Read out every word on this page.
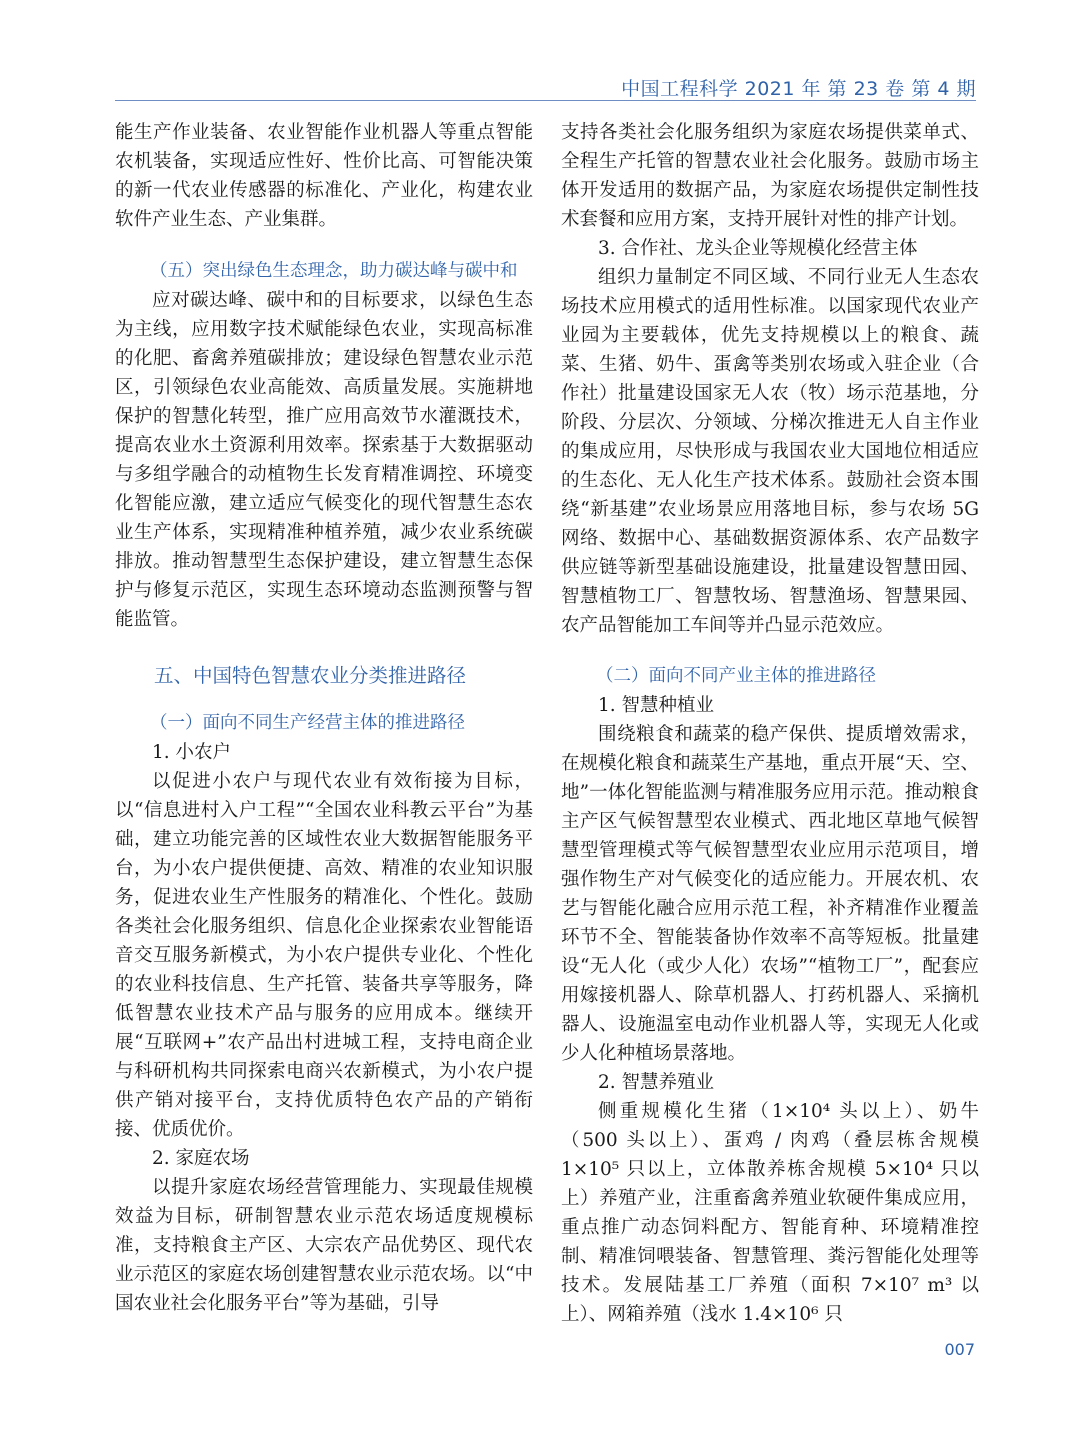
中国工程科学 2021 年 第 23 卷 第 4 期

能生产作业装备、农业智能作业机器人等重点智能农机装备，实现适应性好、性价比高、可智能决策的新一代农业传感器的标准化、产业化，构建农业软件产业生态、产业集群。

（五）突出绿色生态理念，助力碳达峰与碳中和

应对碳达峰、碳中和的目标要求，以绿色生态为主线，应用数字技术赋能绿色农业，实现高标准的化肥、畜禽养殖碳排放；建设绿色智慧农业示范区，引领绿色农业高能效、高质量发展。实施耕地保护的智慧化转型，推广应用高效节水灌溉技术，提高农业水土资源利用效率。探索基于大数据驱动与多组学融合的动植物生长发育精准调控、环境变化智能应激，建立适应气候变化的现代智慧生态农业生产体系，实现精准种植养殖，减少农业系统碳排放。推动智慧型生态保护建设，建立智慧生态保护与修复示范区，实现生态环境动态监测预警与智能监管。

五、中国特色智慧农业分类推进路径

（一）面向不同生产经营主体的推进路径

1. 小农户

以促进小农户与现代农业有效衔接为目标，以“信息进村入户工程”“全国农业科教云平台”为基础，建立功能完善的区域性农业大数据智能服务平台，为小农户提供便捷、高效、精准的农业知识服务，促进农业生产性服务的精准化、个性化。鼓励各类社会化服务组织、信息化企业探索农业智能语音交互服务新模式，为小农户提供专业化、个性化的农业科技信息、生产托管、装备共享等服务，降低智慧农业技术产品与服务的应用成本。继续开展“互联网+”农产品出村进城工程，支持电商企业与科研机构共同探索电商兴农新模式，为小农户提供产销对接平台，支持优质特色农产品的产销衔接、优质优价。

2. 家庭农场

以提升家庭农场经营管理能力、实现最佳规模效益为目标，研制智慧农业示范农场适度规模标准，支持粮食主产区、大宗农产品优势区、现代农业示范区的家庭农场创建智慧农业示范农场。以“中国农业社会化服务平台”等为基础，引导

支持各类社会化服务组织为家庭农场提供菜单式、全程生产托管的智慧农业社会化服务。鼓励市场主体开发适用的数据产品，为家庭农场提供定制性技术套餐和应用方案，支持开展针对性的排产计划。

3. 合作社、龙头企业等规模化经营主体

组织力量制定不同区域、不同行业无人生态农场技术应用模式的适用性标准。以国家现代农业产业园为主要载体，优先支持规模以上的粮食、蔬菜、生猪、奶牛、蛋禽等类别农场或入驻企业（合作社）批量建设国家无人农（牧）场示范基地，分阶段、分层次、分领域、分梯次推进无人自主作业的集成应用，尽快形成与我国农业大国地位相适应的生态化、无人化生产技术体系。鼓励社会资本围绕“新基建”农业场景应用落地目标，参与农场 5G 网络、数据中心、基础数据资源体系、农产品数字供应链等新型基础设施建设，批量建设智慧田园、智慧植物工厂、智慧牧场、智慧渔场、智慧果园、农产品智能加工车间等并凸显示范效应。

（二）面向不同产业主体的推进路径

1. 智慧种植业

围绕粮食和蔬菜的稳产保供、提质增效需求，在规模化粮食和蔬菜生产基地，重点开展“天、空、地”一体化智能监测与精准服务应用示范。推动粮食主产区气候智慧型农业模式、西北地区草地气候智慧型管理模式等气候智慧型农业应用示范项目，增强作物生产对气候变化的适应能力。开展农机、农艺与智能化融合应用示范工程，补齐精准作业覆盖环节不全、智能装备协作效率不高等短板。批量建设“无人化（或少人化）农场”“植物工厂”，配套应用嫁接机器人、除草机器人、打药机器人、采摘机器人、设施温室电动作业机器人等，实现无人化或少人化种植场景落地。

2. 智慧养殖业

侧重规模化生猪（1×10⁴ 头以上）、奶牛（500 头以上）、蛋鸡 / 肉鸡（叠层栋舍规模 1×10⁵ 只以上，立体散养栋舍规模 5×10⁴ 只以上）养殖产业，注重畜禽养殖业软硬件集成应用，重点推广动态饲料配方、智能育种、环境精准控制、精准饲喂装备、智慧管理、粪污智能化处理等技术。发展陆基工厂养殖（面积 7×10⁷ m³ 以上）、网箱养殖（浅水 1.4×10⁶ 只

007
